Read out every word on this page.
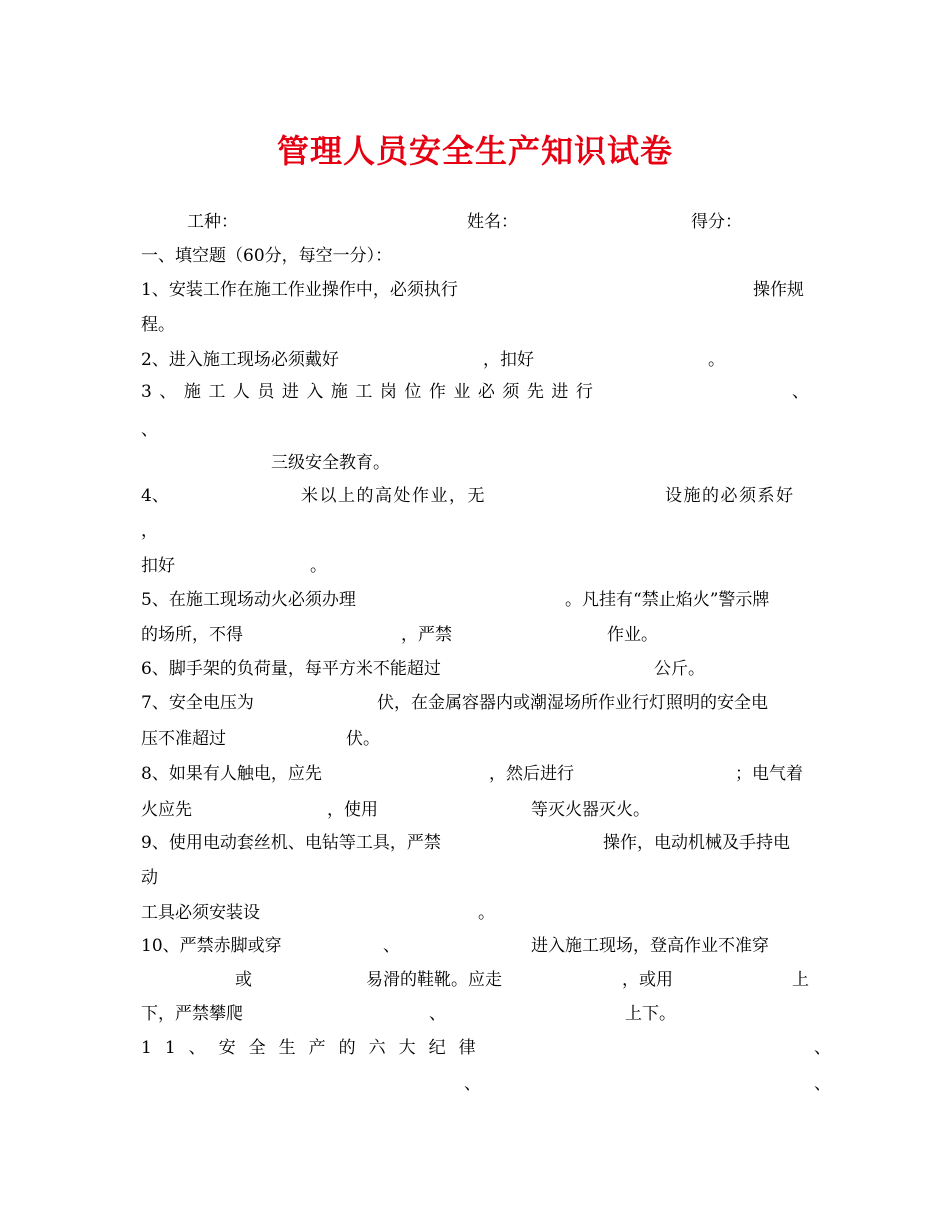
管理人员安全生产知识试卷
工种：	姓名：	得分：
一、填空题（60分，每空一分）：
1、安装工作在施工作业操作中，必须执行	操作规
程。
2、进入施工现场必须戴好	，扣好	。
3、施工人员进入施工岗位作业必须先进行	、
、
三级安全教育。
4、	米以上的高处作业，无	设施的必须系好
，
扣好	。
5、在施工现场动火必须办理	。凡挂有“禁止焰火”警示牌
的场所，不得	，严禁	作业。
6、脚手架的负荷量，每平方米不能超过	公斤。
7、安全电压为	伏，在金属容器内或潮湿场所作业行灯照明的安全电
压不准超过	伏。
8、如果有人触电，应先	，然后进行	；电气着
火应先	，使用	等灭火器灭火。
9、使用电动套丝机、电钻等工具，严禁	操作，电动机械及手持电
动
工具必须安装设	。
10、严禁赤脚或穿	、	进入施工现场，登高作业不准穿
或	易滑的鞋靴。应走	，或用	上
下，严禁攀爬	、	上下。
11、安全生产的六大纪律	、
、	、
